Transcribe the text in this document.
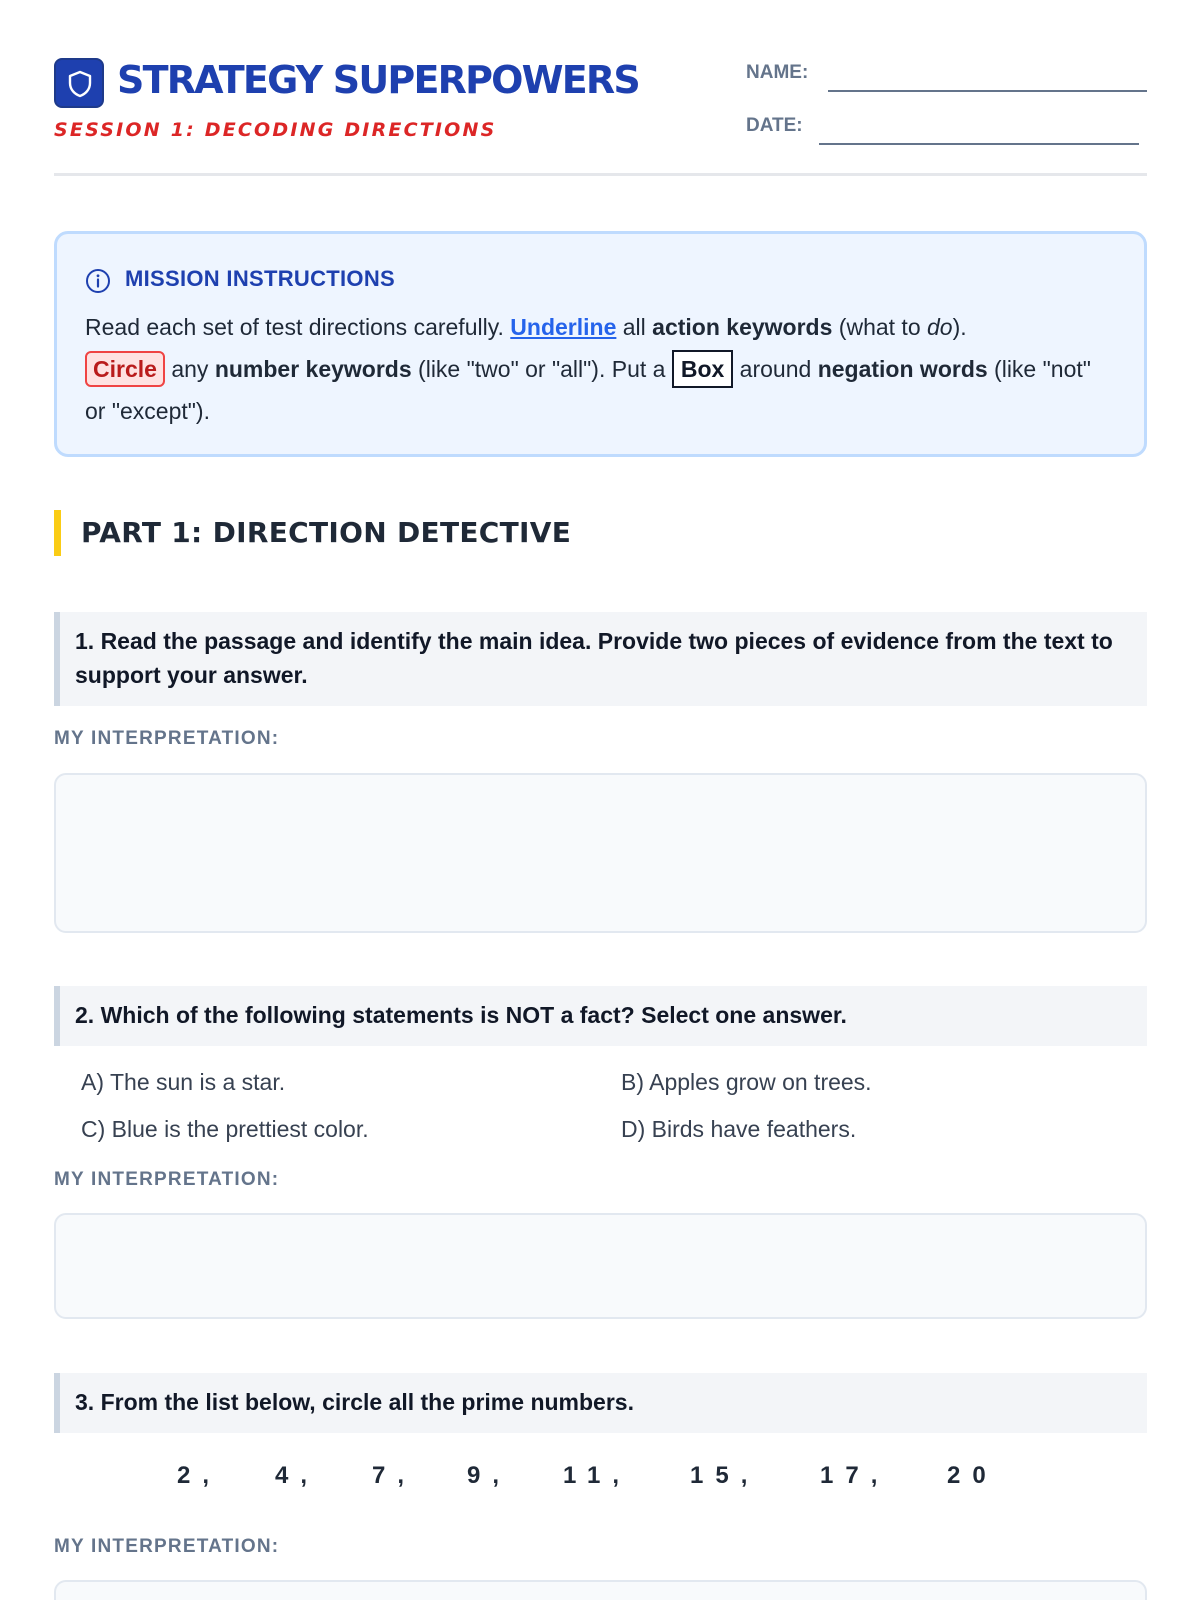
STRATEGY SUPERPOWERS
SESSION 1: DECODING DIRECTIONS
NAME:
DATE:
MISSION INSTRUCTIONS
Read each set of test directions carefully. Underline all action keywords (what to do).
Circle any number keywords (like "two" or "all"). Put a Box around negation words (like "not" or "except").
PART 1: DIRECTION DETECTIVE
1. Read the passage and identify the main idea. Provide two pieces of evidence from the text to support your answer.
MY INTERPRETATION:
2. Which of the following statements is NOT a fact? Select one answer.
A) The sun is a star.	B) Apples grow on trees.
C) Blue is the prettiest color.	D) Birds have feathers.
MY INTERPRETATION:
3. From the list below, circle all the prime numbers.
2, 4, 7, 9, 11, 15,	17, 20
MY INTERPRETATION:
